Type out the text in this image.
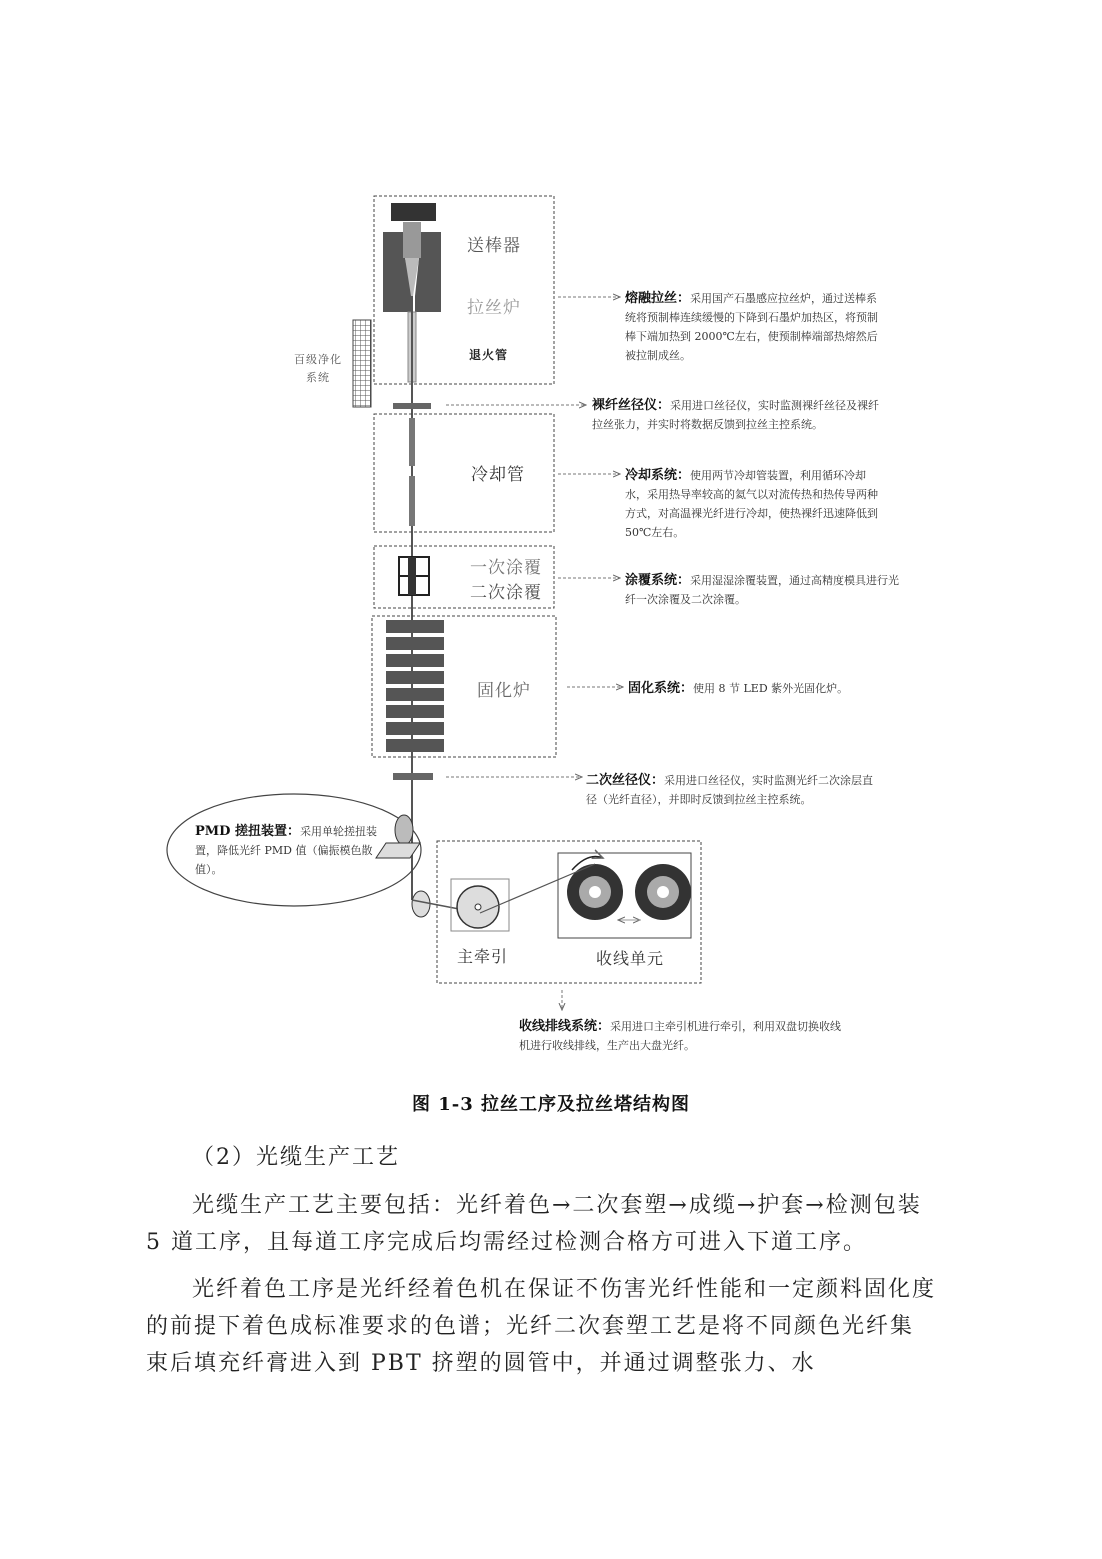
送棒器
拉丝炉
退火管
百级净化系统
冷却管
一次涂覆
二次涂覆
固化炉
主牵引	收线单元
熔融拉丝：采用国产石墨感应拉丝炉，通过送棒系统将预制棒连续缓慢的下降到石墨炉加热区，将预制棒下端加热到 2000℃左右，使预制棒端部热熔然后被拉制成丝。
裸纤丝径仪：采用进口丝径仪，实时监测裸纤丝径及裸纤拉丝张力，并实时将数据反馈到拉丝主控系统。
冷却系统：使用两节冷却管装置，利用循环冷却水，采用热导率较高的氦气以对流传热和热传导两种方式，对高温裸光纤进行冷却，使热裸纤迅速降低到 50℃左右。
涂覆系统：采用湿湿涂覆装置，通过高精度模具进行光纤一次涂覆及二次涂覆。
固化系统：使用 8 节 LED 紫外光固化炉。
二次丝径仪：采用进口丝径仪，实时监测光纤二次涂层直径（光纤直径），并即时反馈到拉丝主控系统。
PMD 搓扭装置：采用单轮搓扭装置，降低光纤 PMD 值（偏振模色散值）。
收线排线系统：采用进口主牵引机进行牵引，利用双盘切换收线机进行收线排线，生产出大盘光纤。
图 1-3 拉丝工序及拉丝塔结构图

（2）光缆生产工艺

光缆生产工艺主要包括：光纤着色→二次套塑→成缆→护套→检测包装 5 道工序，且每道工序完成后均需经过检测合格方可进入下道工序。

光纤着色工序是光纤经着色机在保证不伤害光纤性能和一定颜料固化度的前提下着色成标准要求的色谱；光纤二次套塑工艺是将不同颜色光纤集束后填充纤膏进入到 PBT 挤塑的圆管中，并通过调整张力、水
